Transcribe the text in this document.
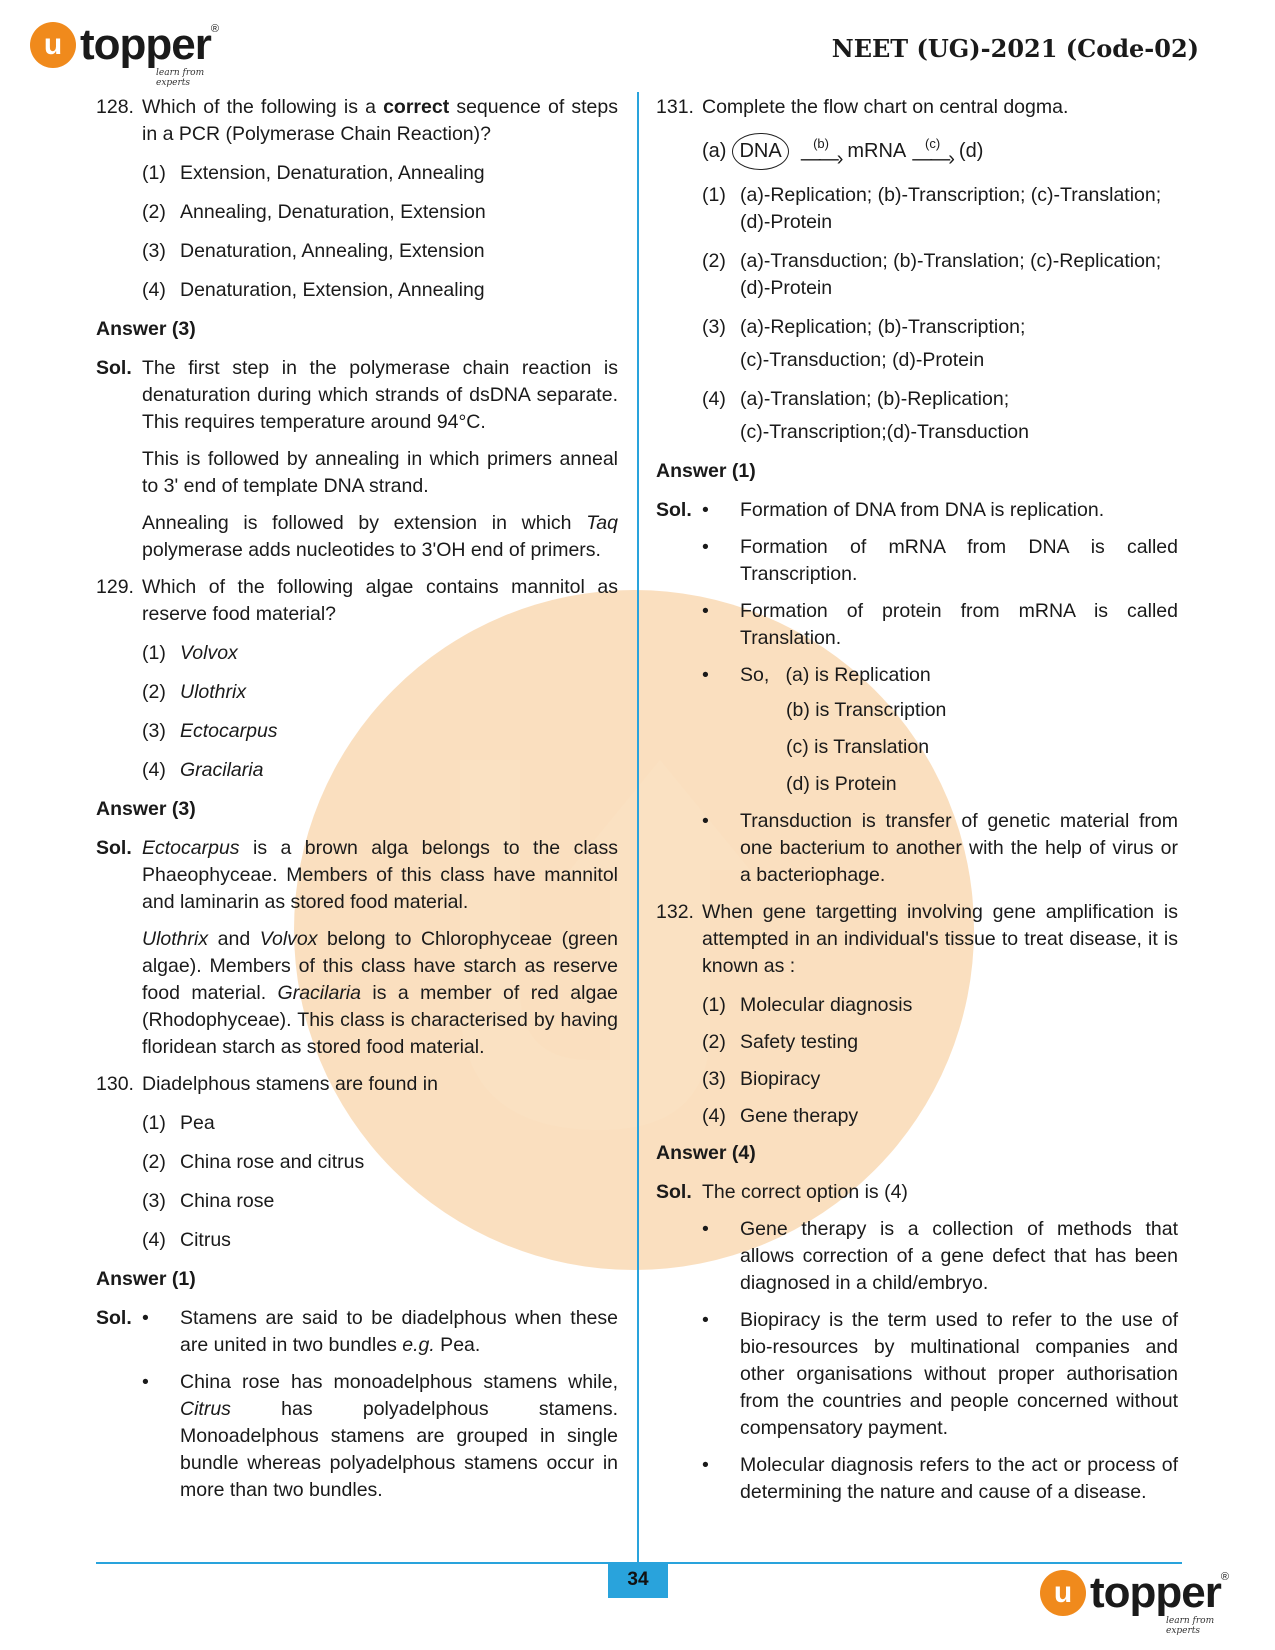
u topper ®
learn from experts
NEET (UG)-2021 (Code-02)
128. Which of the following is a correct sequence of steps in a PCR (Polymerase Chain Reaction)?
(1) Extension, Denaturation, Annealing
(2) Annealing, Denaturation, Extension
(3) Denaturation, Annealing, Extension
(4) Denaturation, Extension, Annealing
Answer (3)
Sol. The first step in the polymerase chain reaction is denaturation during which strands of dsDNA separate. This requires temperature around 94°C.
This is followed by annealing in which primers anneal to 3' end of template DNA strand.
Annealing is followed by extension in which Taq polymerase adds nucleotides to 3'OH end of primers.
129. Which of the following algae contains mannitol as reserve food material?
(1) Volvox
(2) Ulothrix
(3) Ectocarpus
(4) Gracilaria
Answer (3)
Sol. Ectocarpus is a brown alga belongs to the class Phaeophyceae. Members of this class have mannitol and laminarin as stored food material.
Ulothrix and Volvox belong to Chlorophyceae (green algae). Members of this class have starch as reserve food material. Gracilaria is a member of red algae (Rhodophyceae). This class is characterised by having floridean starch as stored food material.
130. Diadelphous stamens are found in
(1) Pea
(2) China rose and citrus
(3) China rose
(4) Citrus
Answer (1)
Sol. •	Stamens are said to be diadelphous when these are united in two bundles e.g. Pea.
•	China rose has monoadelphous stamens while, Citrus has polyadelphous stamens. Monoadelphous stamens are grouped in single bundle whereas polyadelphous stamens occur in more than two bundles.
131. Complete the flow chart on central dogma.
(a) DNA	(b)
——› mRNA (c)
——› (d)
(1) (a)-Replication; (b)-Transcription; (c)-Translation; (d)-Protein
(2) (a)-Transduction; (b)-Translation; (c)-Replication; (d)-Protein
(3) (a)-Replication; (b)-Transcription;
(c)-Transduction; (d)-Protein
(4) (a)-Translation; (b)-Replication;
(c)-Transcription;(d)-Transduction
Answer (1)
Sol. •	Formation of DNA from DNA is replication.
•	Formation of mRNA from DNA is called Transcription.
•	Formation of protein from mRNA is called Translation.
•	So,   (a) is Replication
(b) is Transcription
(c) is Translation
(d) is Protein
•	Transduction is transfer of genetic material from one bacterium to another with the help of virus or a bacteriophage.
132. When gene targetting involving gene amplification is attempted in an individual's tissue to treat disease, it is known as :
(1) Molecular diagnosis
(2) Safety testing
(3) Biopiracy
(4) Gene therapy
Answer (4)
Sol. The correct option is (4)
•	Gene therapy is a collection of methods that allows correction of a gene defect that has been diagnosed in a child/embryo.
•	Biopiracy is the term used to refer to the use of bio-resources by multinational companies and other organisations without proper authorisation from the countries and people concerned without compensatory payment.
•	Molecular diagnosis refers to the act or process of determining the nature and cause of a disease.
34	u topper ®
learn from experts
